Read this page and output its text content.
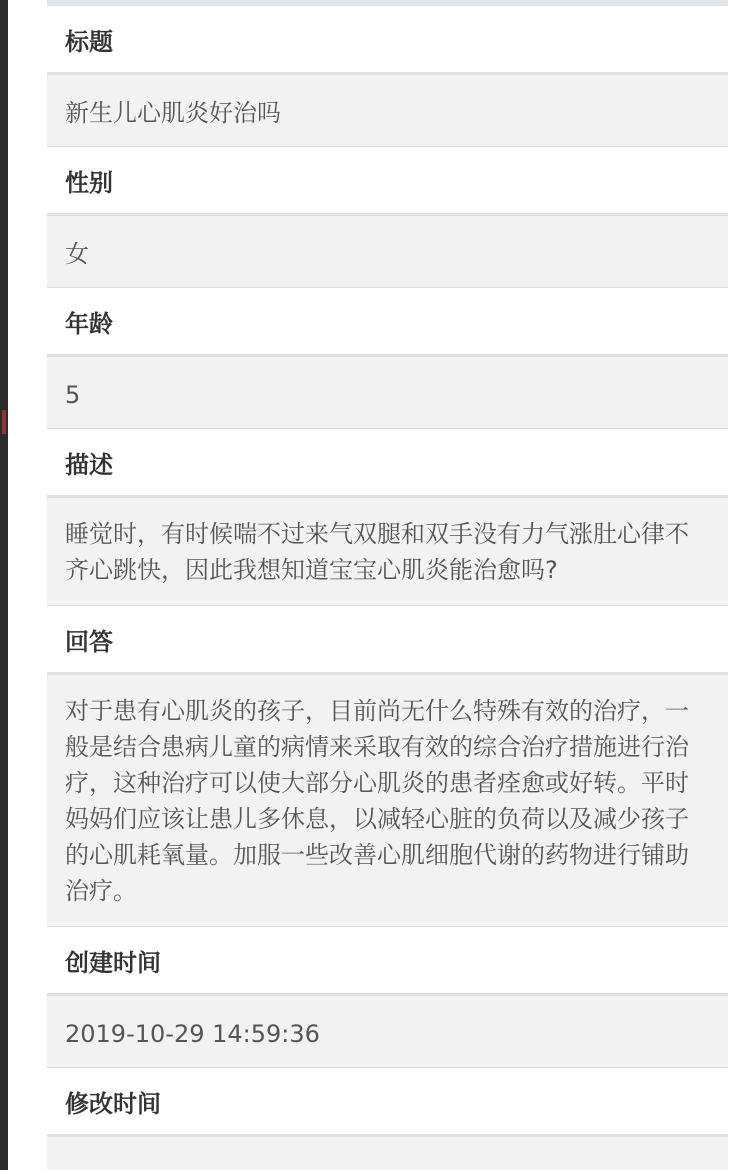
标题
新生儿心肌炎好治吗
性别
女
年龄
5
描述
睡觉时，有时候喘不过来气双腿和双手没有力气涨肚心律不齐心跳快，因此我想知道宝宝心肌炎能治愈吗?
回答
对于患有心肌炎的孩子，目前尚无什么特殊有效的治疗，一般是结合患病儿童的病情来采取有效的综合治疗措施进行治疗，这种治疗可以使大部分心肌炎的患者痊愈或好转。平时妈妈们应该让患儿多休息，以减轻心脏的负荷以及减少孩子的心肌耗氧量。加服一些改善心肌细胞代谢的药物进行铺助治疗。
创建时间
2019-10-29 14:59:36
修改时间
